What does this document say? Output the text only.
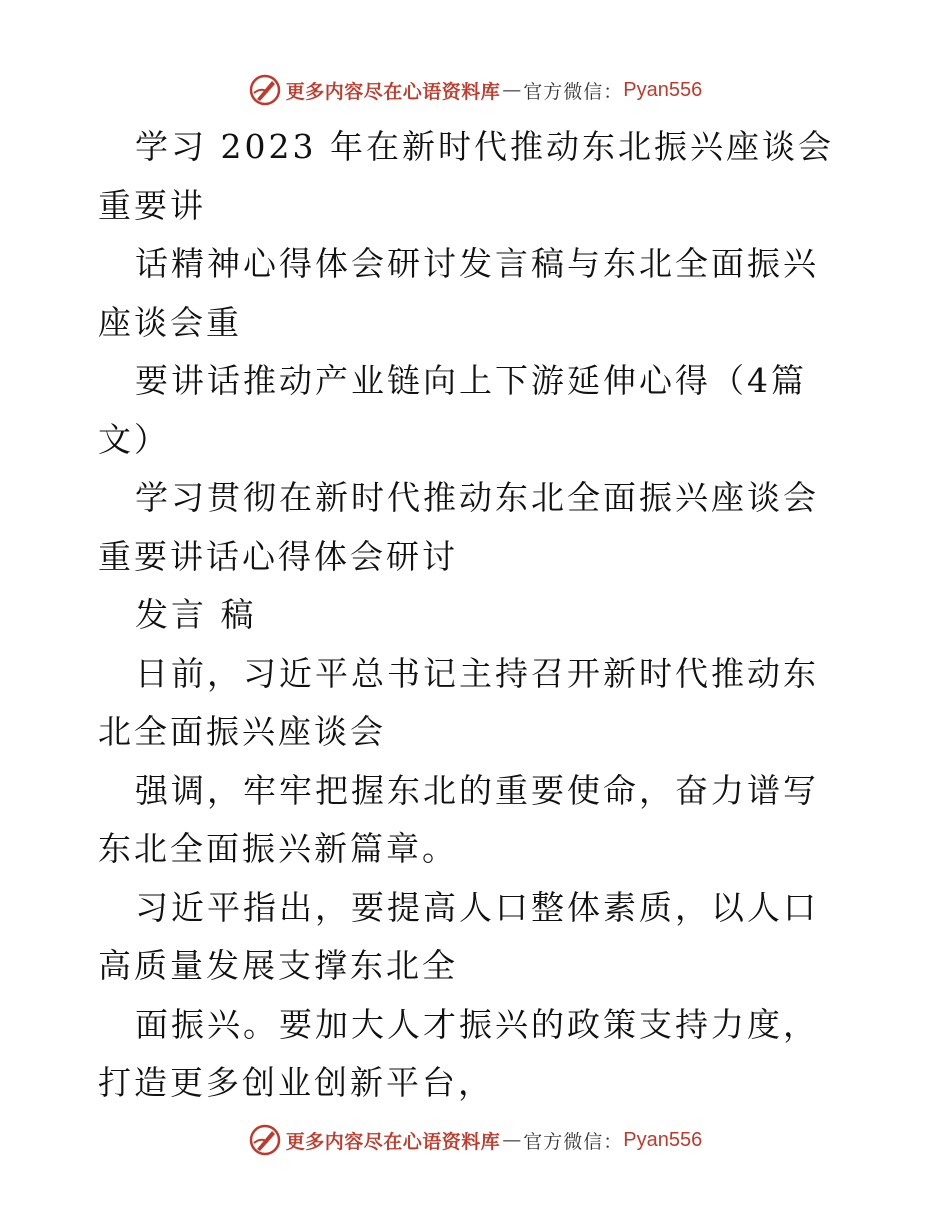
更多内容尽在心语资料库 — 官方微信： Pyan556

学习 2023 年在新时代推动东北振兴座谈会重要讲

话精神心得体会研讨发言稿与东北全面振兴座谈会重

要讲话推动产业链向上下游延伸心得（4篇文）

学习贯彻在新时代推动东北全面振兴座谈会重要讲话心得体会研讨

发言 稿

日前，习近平总书记主持召开新时代推动东北全面振兴座谈会

强调，牢牢把握东北的重要使命，奋力谱写东北全面振兴新篇章。

习近平指出，要提高人口整体素质，以人口高质量发展支撑东北全

面振兴。要加大人才振兴的政策支持力度，打造更多创业创新平台，

更多内容尽在心语资料库 — 官方微信： Pyan556
